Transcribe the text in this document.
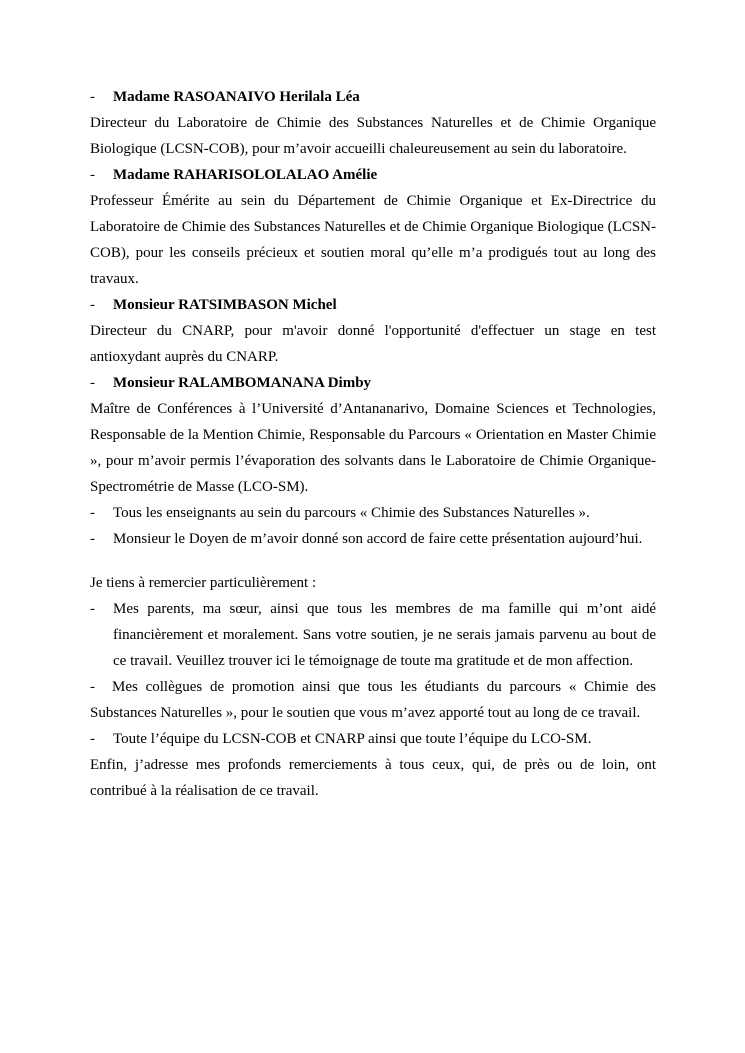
- Madame RASOANAIVO Herilala Léa
Directeur du Laboratoire de Chimie des Substances Naturelles et de Chimie Organique Biologique (LCSN-COB), pour m’avoir accueilli chaleureusement au sein du laboratoire.
- Madame RAHARISOLOLALAO Amélie
Professeur Émérite au sein du Département de Chimie Organique et Ex-Directrice du Laboratoire de Chimie des Substances Naturelles et de Chimie Organique Biologique (LCSN-COB), pour les conseils précieux et soutien moral qu’elle m’a prodigués tout au long des travaux.
- Monsieur RATSIMBASON Michel
Directeur du CNARP, pour m'avoir donné l'opportunité d'effectuer un stage en test antioxydant auprès du CNARP.
- Monsieur RALAMBOMANANA Dimby
Maître de Conférences à l’Université d’Antananarivo, Domaine Sciences et Technologies, Responsable de la Mention Chimie, Responsable du Parcours « Orientation en Master Chimie », pour m’avoir permis l’évaporation des solvants dans le Laboratoire de Chimie Organique-Spectrométrie de Masse (LCO-SM).
- Tous les enseignants au sein du parcours « Chimie des Substances Naturelles ».
- Monsieur le Doyen de m’avoir donné son accord de faire cette présentation aujourd’hui.
Je tiens à remercier particulièrement :
- Mes parents, ma sœur, ainsi que tous les membres de ma famille qui m’ont aidé financièrement et moralement. Sans votre soutien, je ne serais jamais parvenu au bout de ce travail. Veuillez trouver ici le témoignage de toute ma gratitude et de mon affection.
- Mes collègues de promotion ainsi que tous les étudiants du parcours « Chimie des Substances Naturelles », pour le soutien que vous m’avez apporté tout au long de ce travail.
- Toute l’équipe du LCSN-COB et CNARP ainsi que toute l’équipe du LCO-SM.
Enfin, j’adresse mes profonds remerciements à tous ceux, qui, de près ou de loin, ont contribué à la réalisation de ce travail.
